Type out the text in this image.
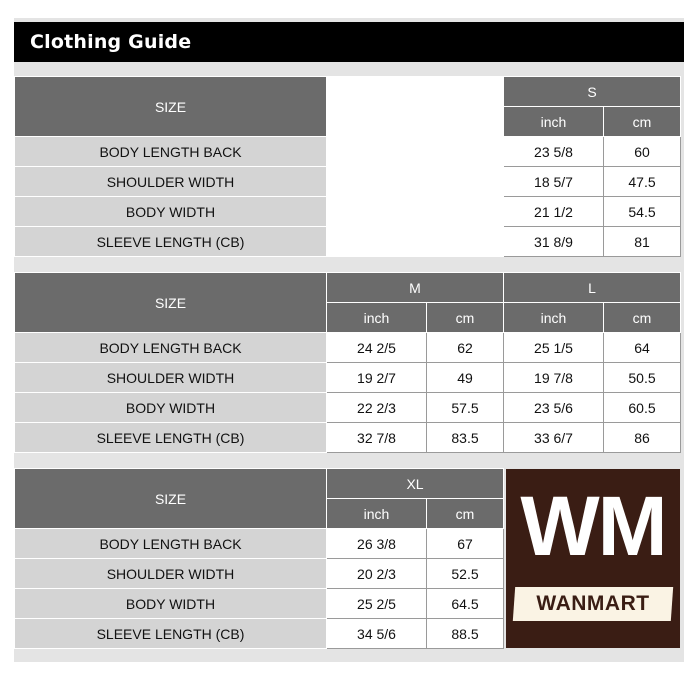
Clothing Guide
SIZE		S	
		inch	cm
BODY LENGTH BACK		23 5/8	60
SHOULDER WIDTH		18 5/7	47.5
BODY WIDTH		21 1/2	54.5
SLEEVE LENGTH (CB)		31 8/9	81
SIZE	M		L	
	inch	cm	inch	cm
BODY LENGTH BACK	24 2/5	62	25 1/5	64
SHOULDER WIDTH	19 2/7	49	19 7/8	50.5
BODY WIDTH	22 2/3	57.5	23 5/6	60.5
SLEEVE LENGTH (CB)	32 7/8	83.5	33 6/7	86
SIZE	XL	
	inch	cm
BODY LENGTH BACK	26 3/8	67
SHOULDER WIDTH	20 2/3	52.5
BODY WIDTH	25 2/5	64.5
SLEEVE LENGTH (CB)	34 5/6	88.5
WM
WANMART
